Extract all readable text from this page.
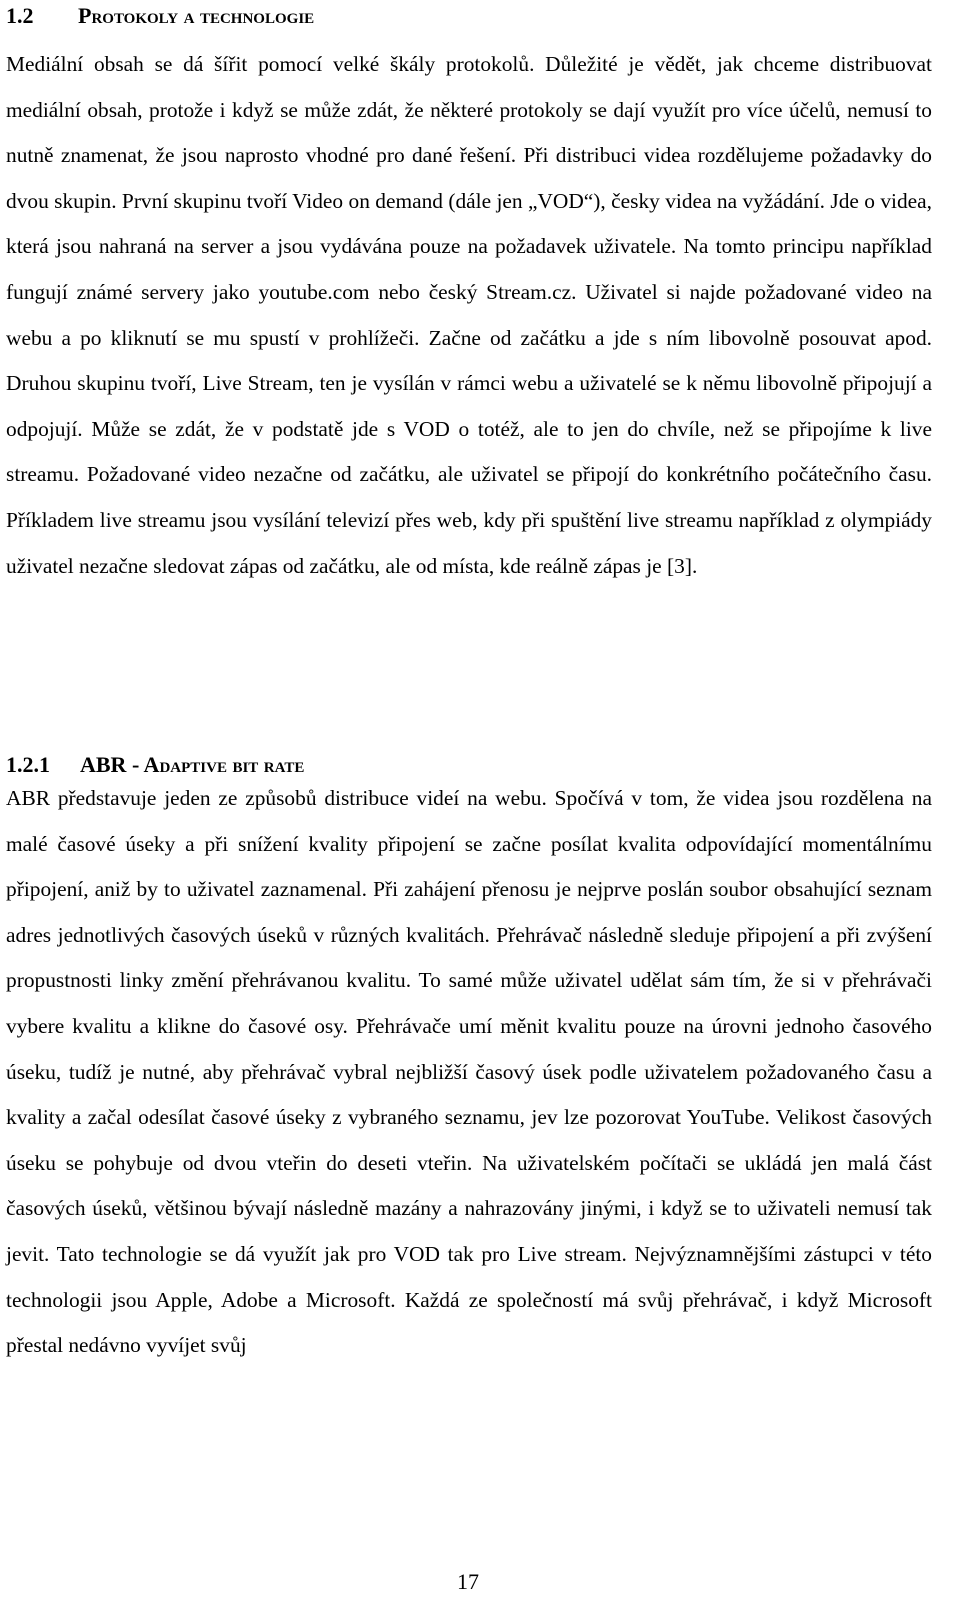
1.2 Protokoly a technologie

Mediální obsah se dá šířit pomocí velké škály protokolů. Důležité je vědět, jak chceme distribuovat mediální obsah, protože i když se může zdát, že některé protokoly se dají využít pro více účelů, nemusí to nutně znamenat, že jsou naprosto vhodné pro dané řešení. Při distribuci videa rozdělujeme požadavky do dvou skupin. První skupinu tvoří Video on demand (dále jen „VOD“), česky videa na vyžádání. Jde o videa, která jsou nahraná na server a jsou vydávána pouze na požadavek uživatele. Na tomto principu například fungují známé servery jako youtube.com nebo český Stream.cz. Uživatel si najde požadované video na webu a po kliknutí se mu spustí v prohlížeči. Začne od začátku a jde s ním libovolně posouvat apod. Druhou skupinu tvoří, Live Stream, ten je vysílán v rámci webu a uživatelé se k němu libovolně připojují a odpojují. Může se zdát, že v podstatě jde s VOD o totéž, ale to jen do chvíle, než se připojíme k live streamu. Požadované video nezačne od začátku, ale uživatel se připojí do konkrétního počátečního času. Příkladem live streamu jsou vysílání televizí přes web, kdy při spuštění live streamu například z olympiády uživatel nezačne sledovat zápas od začátku, ale od místa, kde reálně zápas je [3].

1.2.1 ABR - Adaptive bit rate

ABR představuje jeden ze způsobů distribuce videí na webu. Spočívá v tom, že videa jsou rozdělena na malé časové úseky a při snížení kvality připojení se začne posílat kvalita odpovídající momentálnímu připojení, aniž by to uživatel zaznamenal. Při zahájení přenosu je nejprve poslán soubor obsahující seznam adres jednotlivých časových úseků v různých kvalitách. Přehrávač následně sleduje připojení a při zvýšení propustnosti linky změní přehrávanou kvalitu. To samé může uživatel udělat sám tím, že si v přehrávači vybere kvalitu a klikne do časové osy. Přehrávače umí měnit kvalitu pouze na úrovni jednoho časového úseku, tudíž je nutné, aby přehrávač vybral nejbližší časový úsek podle uživatelem požadovaného času a kvality a začal odesílat časové úseky z vybraného seznamu, jev lze pozorovat YouTube. Velikost časových úseku se pohybuje od dvou vteřin do deseti vteřin. Na uživatelském počítači se ukládá jen malá část časových úseků, většinou bývají následně mazány a nahrazovány jinými, i když se to uživateli nemusí tak jevit. Tato technologie se dá využít jak pro VOD tak pro Live stream. Nejvýznamnějšími zástupci v této technologii jsou Apple, Adobe a Microsoft. Každá ze společností má svůj přehrávač, i když Microsoft přestal nedávno vyvíjet svůj

17
